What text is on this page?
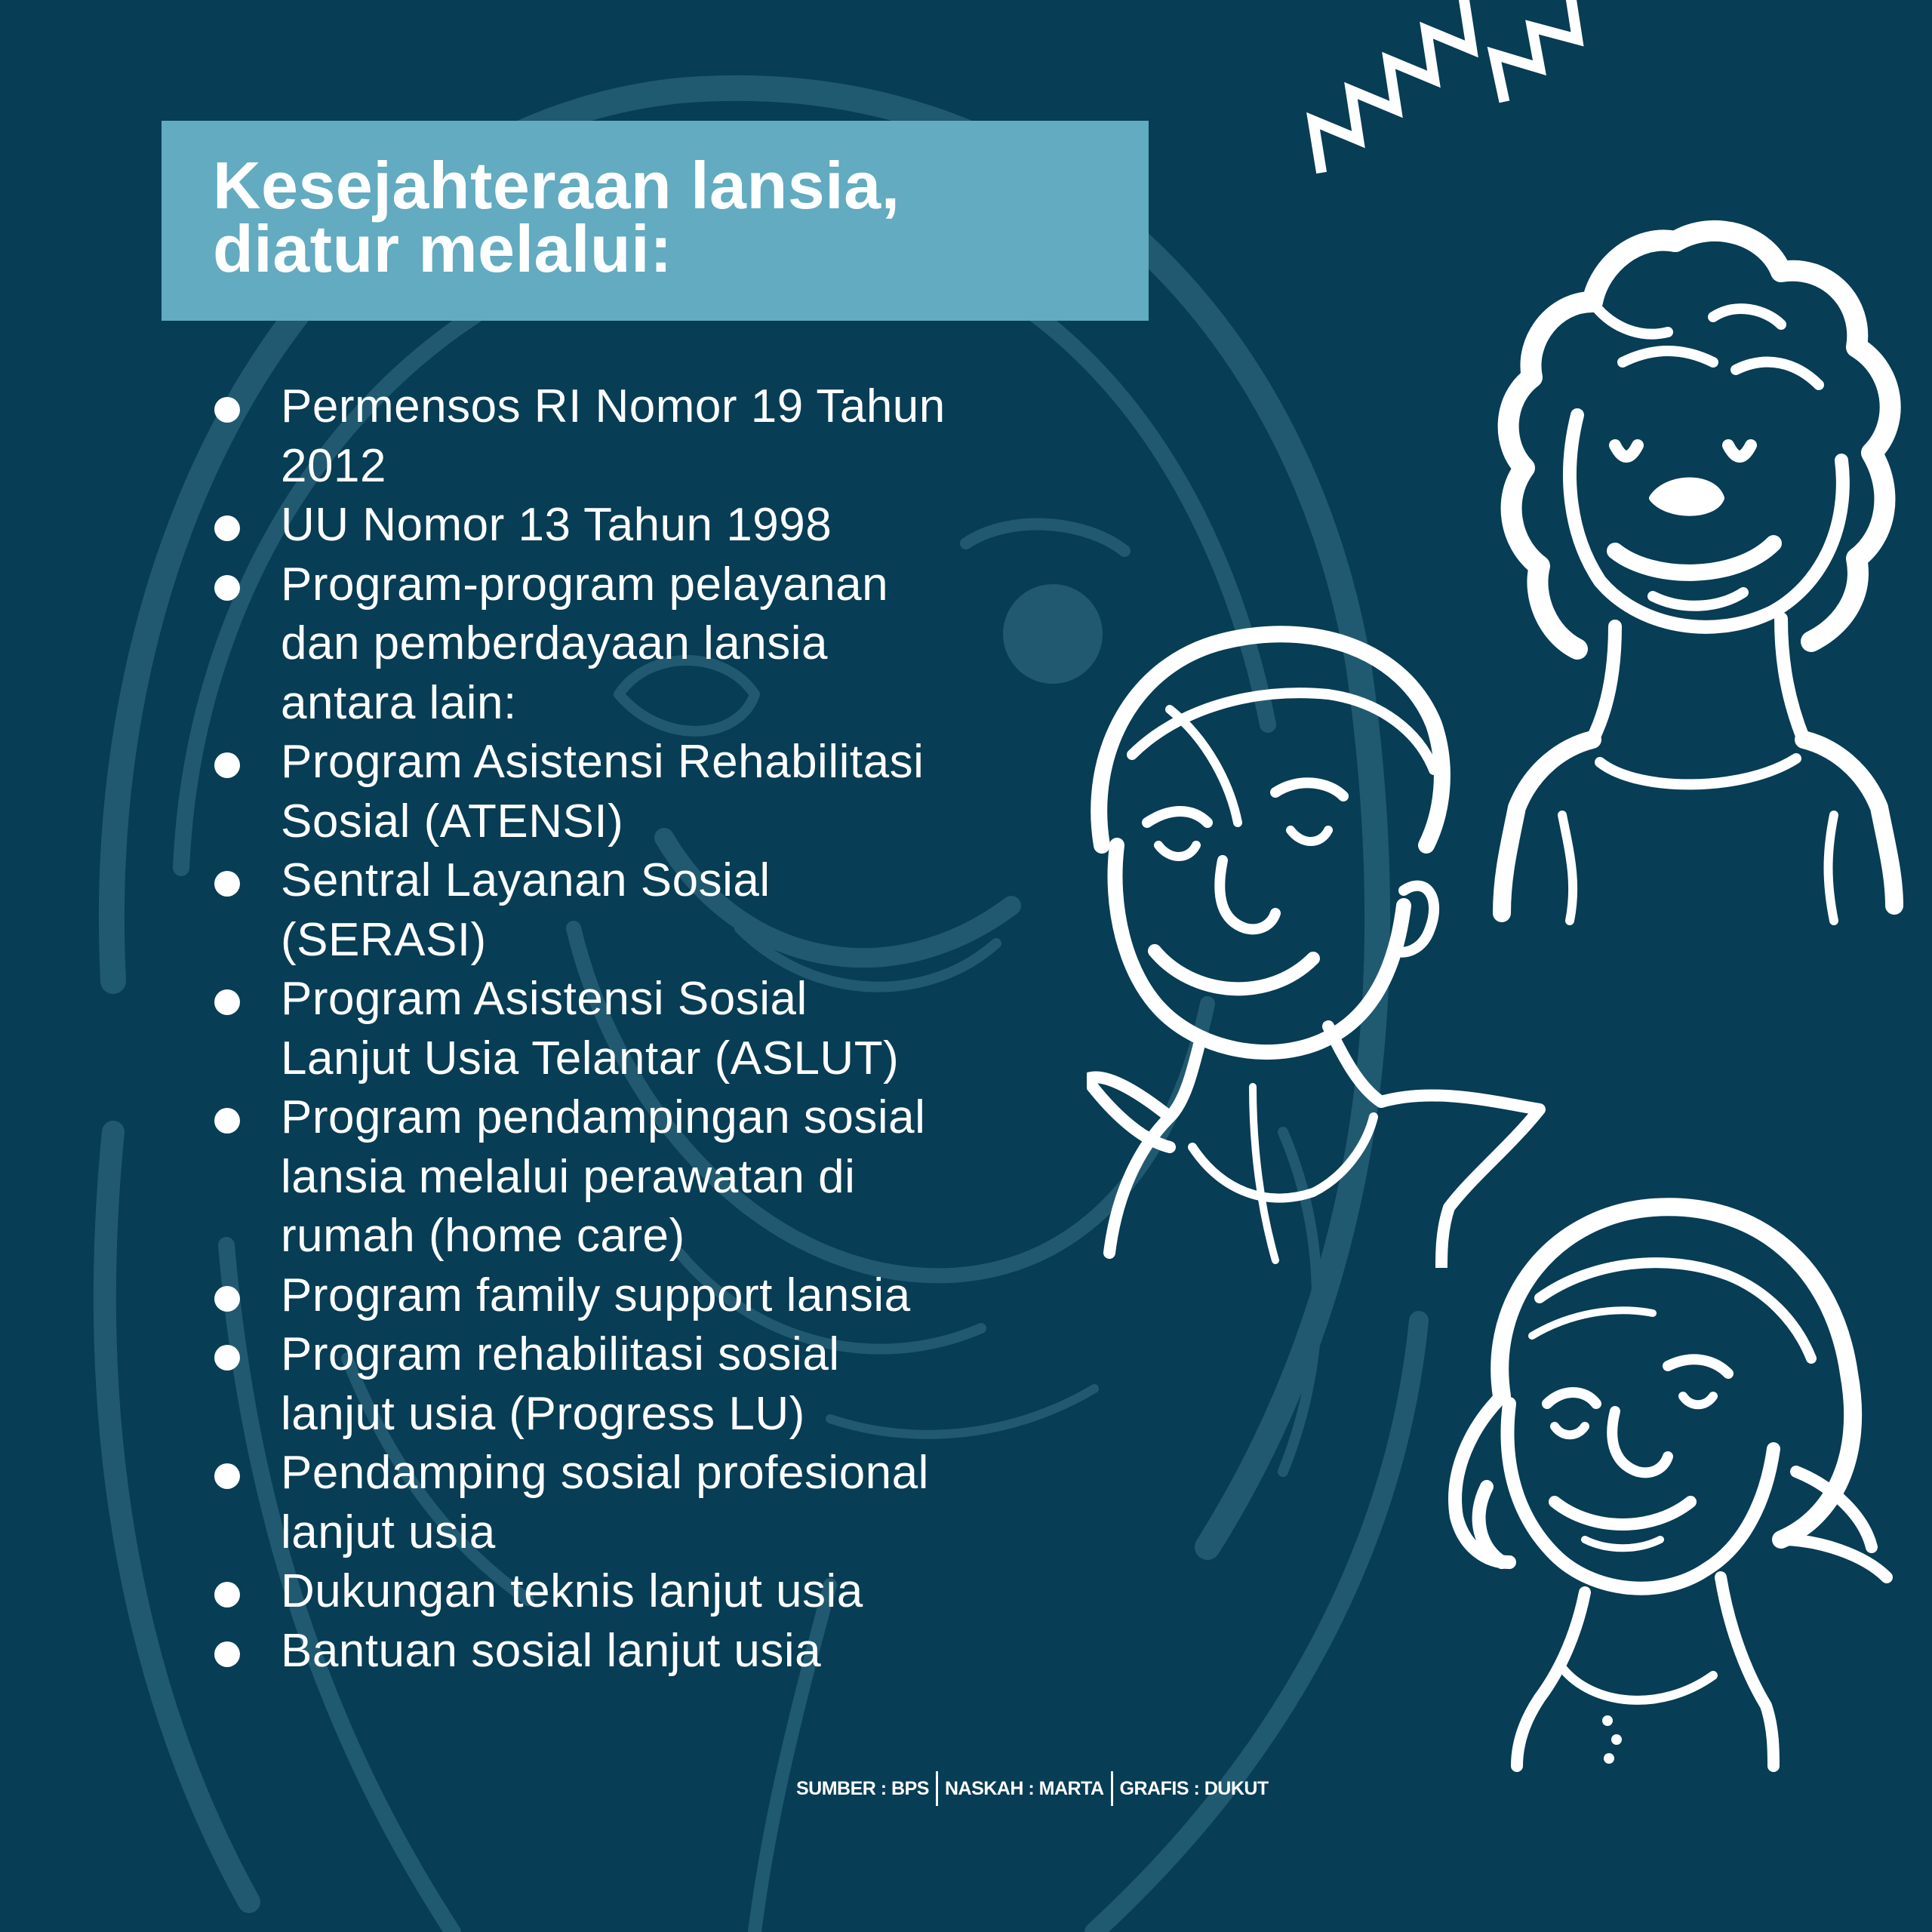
Kesejahteraan lansia,
diatur melalui:
Permensos RI Nomor 19 Tahun
2012
UU Nomor 13 Tahun 1998
Program-program pelayanan
dan pemberdayaan lansia
antara lain:
Program Asistensi Rehabilitasi
Sosial (ATENSI)
Sentral Layanan Sosial
(SERASI)
Program Asistensi Sosial
Lanjut Usia Telantar (ASLUT)
Program pendampingan sosial
lansia melalui perawatan di
rumah (home care)
Program family support lansia
Program rehabilitasi sosial
lanjut usia (Progress LU)
Pendamping sosial profesional
lanjut usia
Dukungan teknis lanjut usia
Bantuan sosial lanjut usia
SUMBER : BPS NASKAH : MARTA GRAFIS : DUKUT
